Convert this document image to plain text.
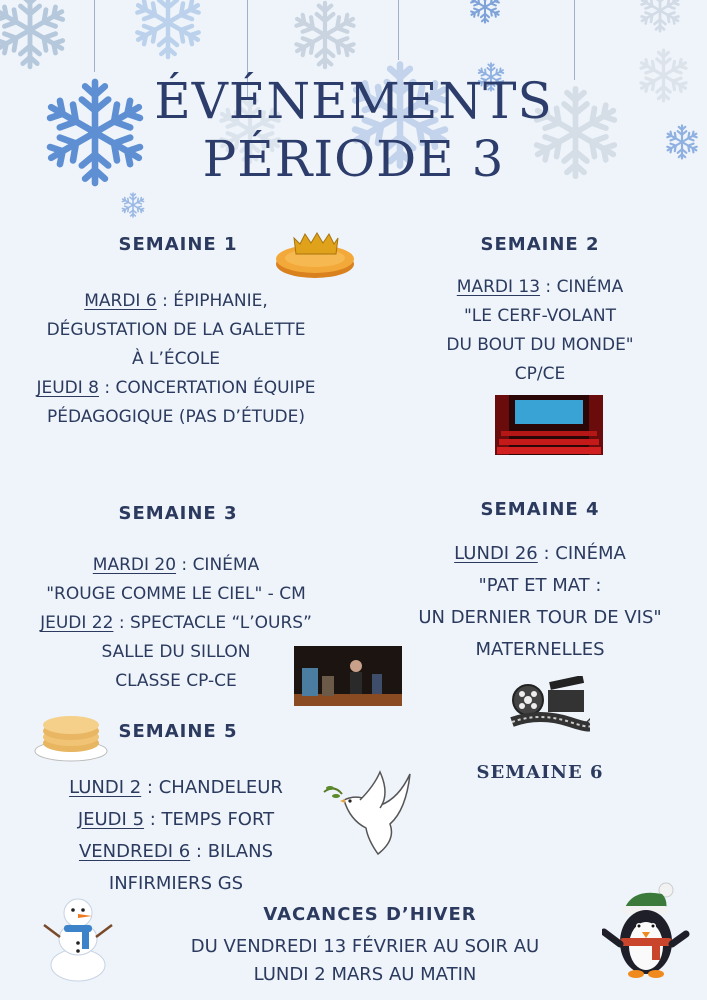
ÉVÉNEMENTS
PÉRIODE 3
SEMAINE 1
MARDI 6 : ÉPIPHANIE,
DÉGUSTATION DE LA GALETTE
À L’ÉCOLE
JEUDI 8 : CONCERTATION ÉQUIPE
PÉDAGOGIQUE (PAS D’ÉTUDE)
SEMAINE 2
MARDI 13 : CINÉMA
"LE CERF-VOLANT
DU BOUT DU MONDE"
CP/CE
SEMAINE 3
MARDI 20 : CINÉMA
"ROUGE COMME LE CIEL" - CM
JEUDI 22 : SPECTACLE “L’OURS”
SALLE DU SILLON
CLASSE CP-CE
SEMAINE 4
LUNDI 26 : CINÉMA
"PAT ET MAT :
UN DERNIER TOUR DE VIS"
MATERNELLES
SEMAINE 5
LUNDI 2 : CHANDELEUR
JEUDI 5 : TEMPS FORT
VENDREDI 6 : BILANS
INFIRMIERS GS
SEMAINE 6
VACANCES D’HIVER
DU VENDREDI 13 FÉVRIER AU SOIR AU
LUNDI 2 MARS AU MATIN
